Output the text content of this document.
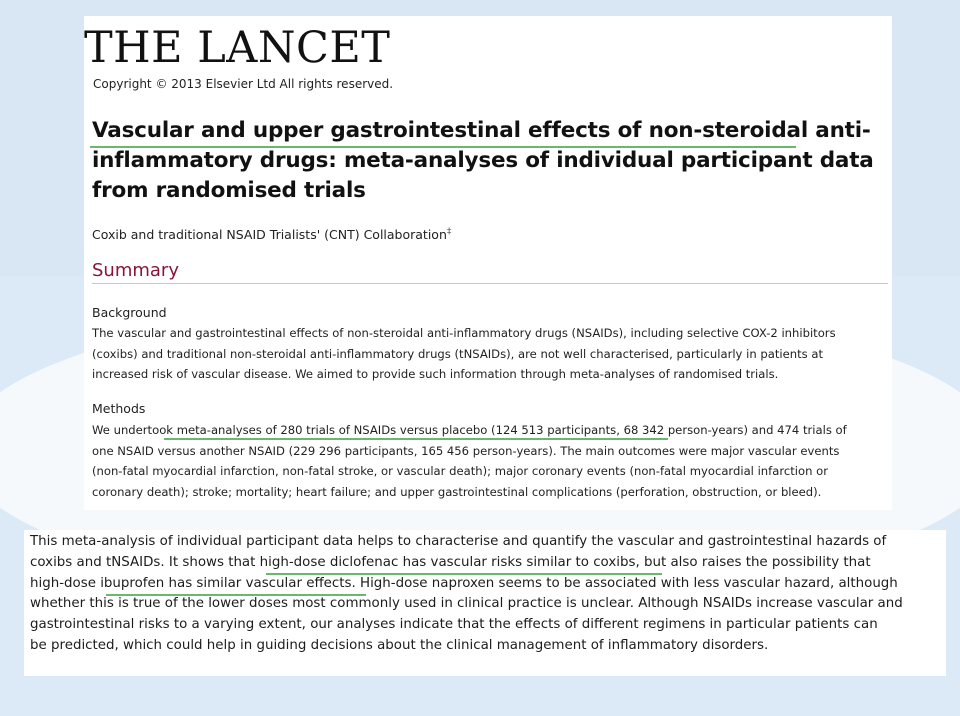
THE LANCET
Copyright © 2013 Elsevier Ltd All rights reserved.
Vascular and upper gastrointestinal effects of non-steroidal anti-
inflammatory drugs: meta-analyses of individual participant data
from randomised trials
Coxib and traditional NSAID Trialists' (CNT) Collaboration‡
Summary
Background
The vascular and gastrointestinal effects of non-steroidal anti-inflammatory drugs (NSAIDs), including selective COX-2 inhibitors
(coxibs) and traditional non-steroidal anti-inflammatory drugs (tNSAIDs), are not well characterised, particularly in patients at
increased risk of vascular disease. We aimed to provide such information through meta-analyses of randomised trials.
Methods
We undertook meta-analyses of 280 trials of NSAIDs versus placebo (124 513 participants, 68 342 person-years) and 474 trials of
one NSAID versus another NSAID (229 296 participants, 165 456 person-years). The main outcomes were major vascular events
(non-fatal myocardial infarction, non-fatal stroke, or vascular death); major coronary events (non-fatal myocardial infarction or
coronary death); stroke; mortality; heart failure; and upper gastrointestinal complications (perforation, obstruction, or bleed).
This meta-analysis of individual participant data helps to characterise and quantify the vascular and gastrointestinal hazards of
coxibs and tNSAIDs. It shows that high-dose diclofenac has vascular risks similar to coxibs, but also raises the possibility that
high-dose ibuprofen has similar vascular effects. High-dose naproxen seems to be associated with less vascular hazard, although
whether this is true of the lower doses most commonly used in clinical practice is unclear. Although NSAIDs increase vascular and
gastrointestinal risks to a varying extent, our analyses indicate that the effects of different regimens in particular patients can
be predicted, which could help in guiding decisions about the clinical management of inflammatory disorders.
